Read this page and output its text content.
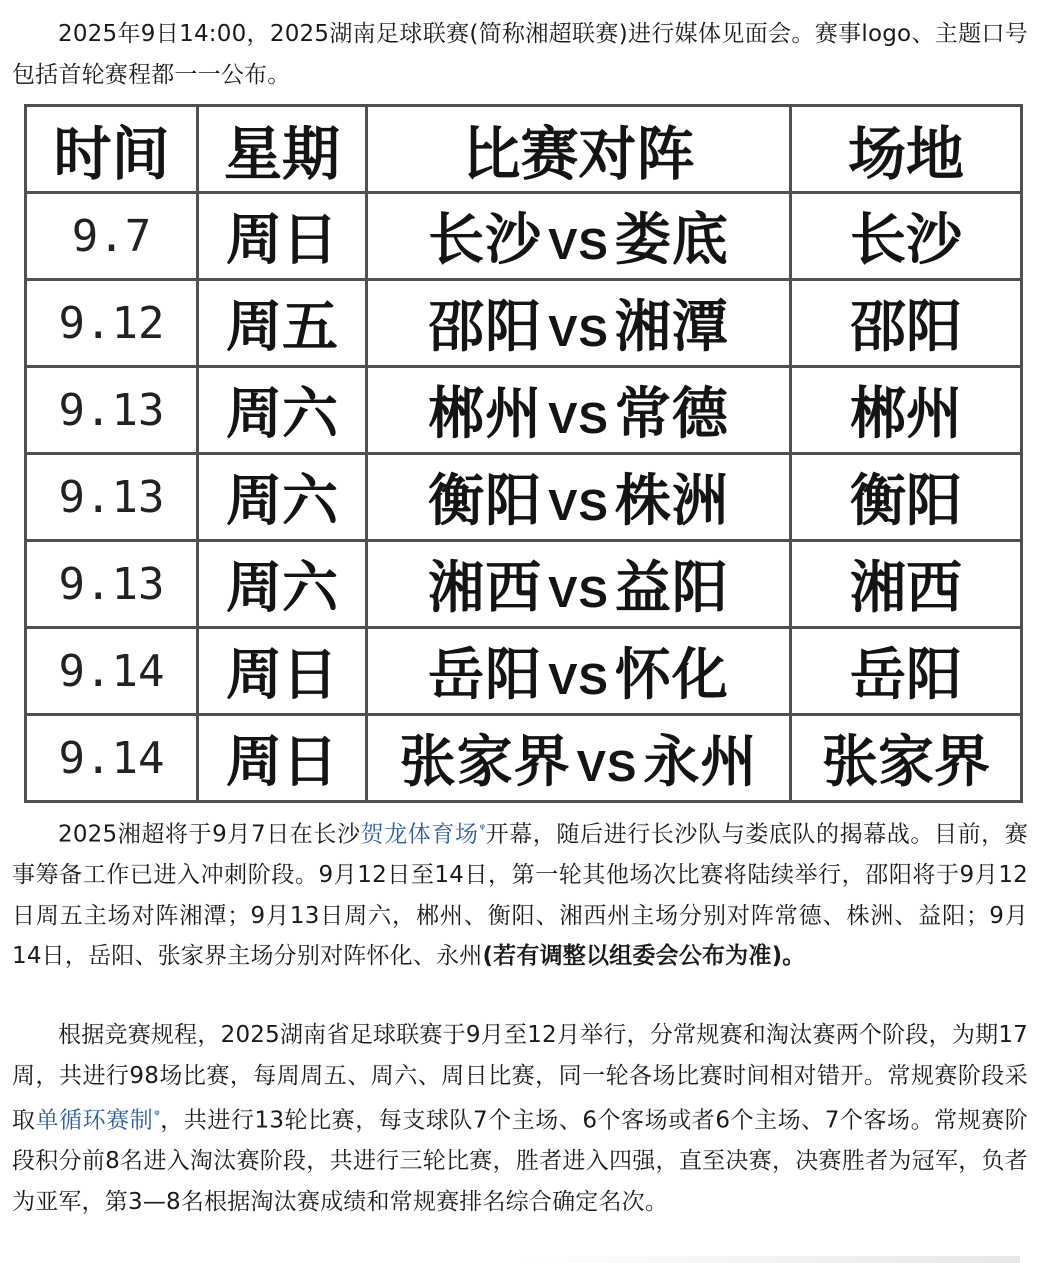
2025年9日14:00，2025湖南足球联赛(简称湘超联赛)进行媒体见面会。赛事logo、主题口号包括首轮赛程都一一公布。

时间	星期	比赛对阵	场地
9.7	周日	长沙 VS 娄底	长沙
9.12	周五	邵阳 VS 湘潭	邵阳
9.13	周六	郴州 VS 常德	郴州
9.13	周六	衡阳 VS 株洲	衡阳
9.13	周六	湘西 VS 益阳	湘西
9.14	周日	岳阳 VS 怀化	岳阳
9.14	周日	张家界 VS 永州	张家界

2025湘超将于9月7日在长沙贺龙体育场ᵠ开幕，随后进行长沙队与娄底队的揭幕战。目前，赛事筹备工作已进入冲刺阶段。9月12日至14日，第一轮其他场次比赛将陆续举行，邵阳将于9月12日周五主场对阵湘潭；9月13日周六，郴州、衡阳、湘西州主场分别对阵常德、株洲、益阳；9月14日，岳阳、张家界主场分别对阵怀化、永州(若有调整以组委会公布为准)。

根据竞赛规程，2025湖南省足球联赛于9月至12月举行，分常规赛和淘汰赛两个阶段，为期17周，共进行98场比赛，每周周五、周六、周日比赛，同一轮各场比赛时间相对错开。常规赛阶段采取单循环赛制ᵠ，共进行13轮比赛，每支球队7个主场、6个客场或者6个主场、7个客场。常规赛阶段积分前8名进入淘汰赛阶段，共进行三轮比赛，胜者进入四强，直至决赛，决赛胜者为冠军，负者为亚军，第3—8名根据淘汰赛成绩和常规赛排名综合确定名次。
